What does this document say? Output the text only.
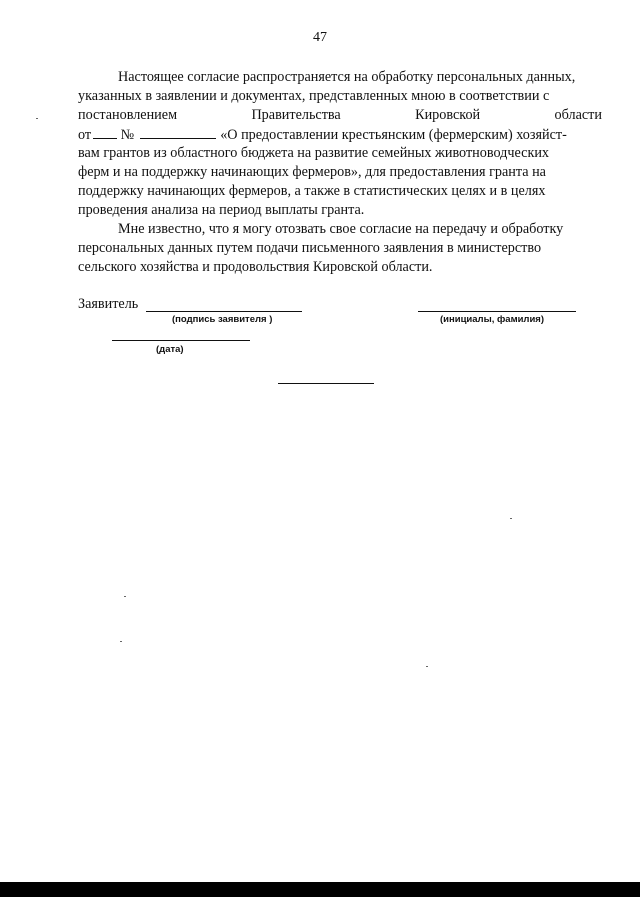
47
Настоящее согласие распространяется на обработку персональных данных,
указанных в заявлении и документах, представленных мною в соответствии с
постановлением	Правительства	Кировской	области
от №	«О предоставлении крестьянским (фермерским) хозяйст-
вам грантов из областного бюджета на развитие семейных животноводческих
ферм и на поддержку начинающих фермеров», для предоставления гранта на
поддержку начинающих фермеров, а также в статистических целях и в целях
проведения анализа на период выплаты гранта.
Мне известно, что я могу отозвать свое согласие на передачу и обработку
персональных данных путем подачи письменного заявления в министерство
сельского хозяйства и продовольствия Кировской области.
Заявитель
(подпись заявителя )	(инициалы, фамилия)
(дата)
